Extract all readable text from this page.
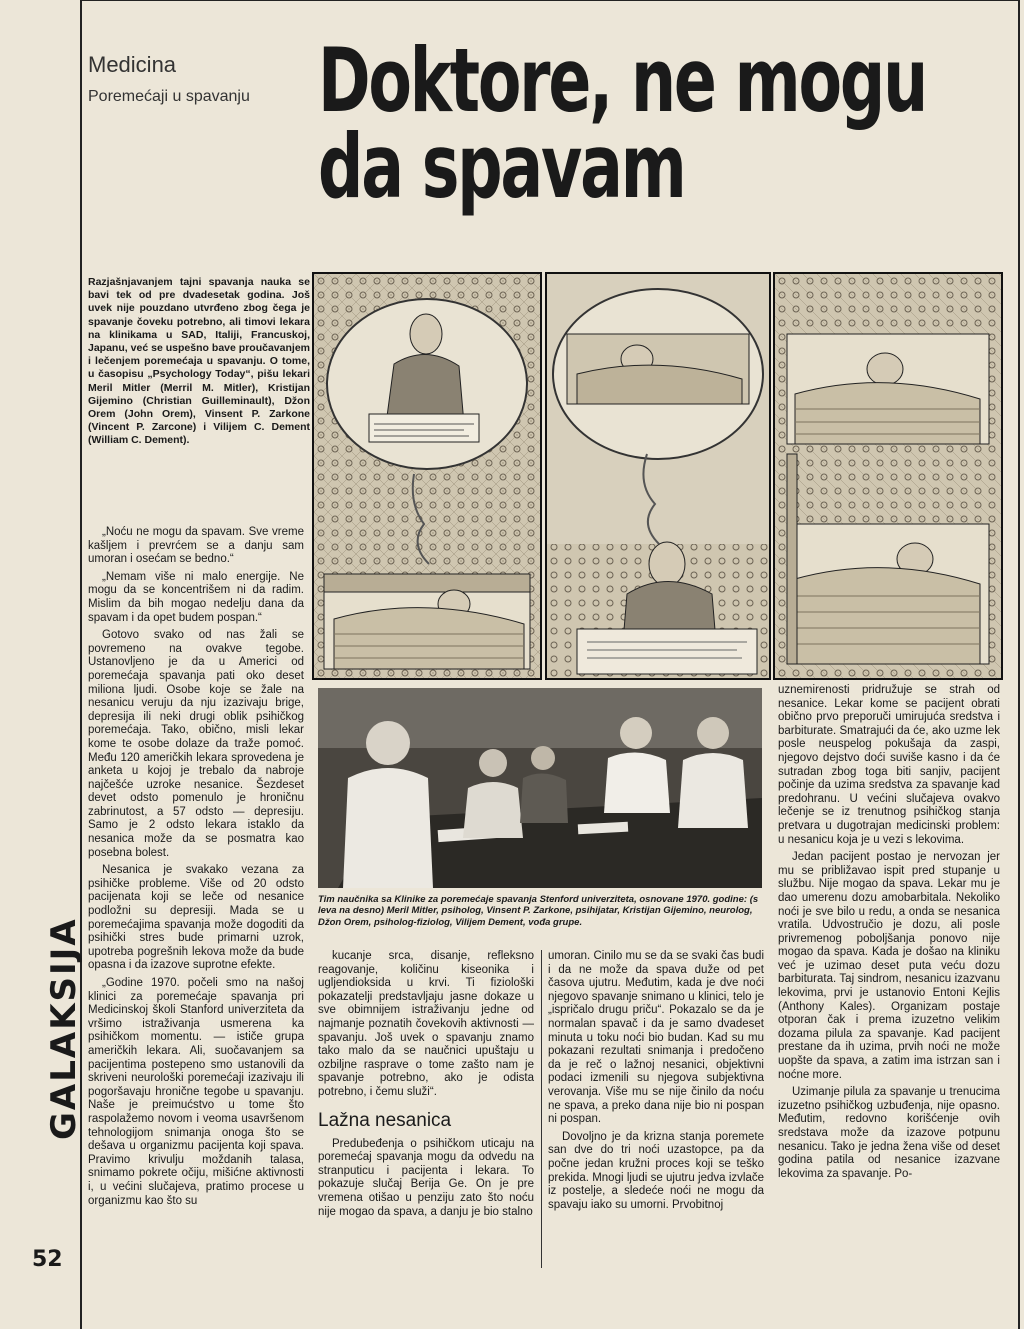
GALAKSIJA
52
Medicina
Poremećaji u spavanju Doktore, ne mogu
da spavam
Razjašnjavanjem tajni spavanja nauka se bavi tek od pre dvadesetak godina. Još uvek nije pouzdano utvrđeno zbog čega je spavanje čoveku potrebno, ali timovi lekara na klinikama u SAD, Italiji, Francuskoj, Japanu, već se uspešno bave proučavanjem i lečenjem poremećaja u spavanju. O tome, u časopisu „Psychology Today“, pišu lekari Meril Mitler (Merril M. Mitler), Kristijan Gijemino (Christian Guilleminault), Džon Orem (John Orem), Vinsent P. Zarkone (Vincent P. Zarcone) i Vilijem C. Dement (William C. Dement).
Tim naučnika sa Klinike za poremećaje spavanja Stenford univerziteta, osnovane 1970. godine: (s leva na desno) Meril Mitler, psiholog, Vinsent P. Zarkone, psihijatar, Kristijan Gijemino, neurolog, Džon Orem, psiholog-fiziolog, Vilijem Dement, vođa grupe.

„Noću ne mogu da spavam. Sve vreme kašljem i prevrćem se a danju sam umoran i osećam se bedno.“

„Nemam više ni malo energije. Ne mogu da se koncentrišem ni da radim. Mislim da bih mogao nedelju dana da spavam i da opet budem pospan.“

Gotovo svako od nas žali se povremeno na ovakve tegobe. Ustanovljeno je da u Americi od poremećaja spavanja pati oko deset miliona ljudi. Osobe koje se žale na nesanicu veruju da nju izazivaju brige, depresija ili neki drugi oblik psihičkog poremećaja. Tako, obično, misli lekar kome te osobe dolaze da traže pomoć. Među 120 američkih lekara sprovedena je anketa u kojoj je trebalo da nabroje najčešće uzroke nesanice. Šezdeset devet odsto pomenulo je hroničnu zabrinutost, a 57 odsto — depresiju. Samo je 2 odsto lekara istaklo da nesanica može da se posmatra kao posebna bolest.

Nesanica je svakako vezana za psihičke probleme. Više od 20 odsto pacijenata koji se leče od nesanice podložni su depresiji. Mada se u poremećajima spavanja može dogoditi da psihički stres bude primarni uzrok, upotreba pogrešnih lekova može da bude opasna i da izazove suprotne efekte.

„Godine 1970. počeli smo na našoj klinici za poremećaje spavanja pri Medicinskoj školi Stanford univerziteta da vršimo istraživanja usmerena ka psihičkom momentu. — ističe grupa američkih lekara. Ali, suočavanjem sa pacijentima postepeno smo ustanovili da skriveni neurološki poremećaji izazivaju ili pogoršavaju hronične tegobe u spavanju. Naše je preimućstvo u tome što raspolažemo novom i veoma usavršenom tehnologijom snimanja onoga što se dešava u organizmu pacijenta koji spava. Pravimo krivulju moždanih talasa, snimamo pokrete očiju, mišićne aktivnosti i, u većini slučajeva, pratimo procese u organizmu kao što su

kucanje srca, disanje, refleksno reagovanje, količinu kiseonika i uglјendioksida u krvi. Ti fiziološki pokazatelji predstavljaju jasne dokaze u sve obimnijem istraživanju jedne od najmanje poznatih čovekovih aktivnosti — spavanju. Još uvek o spavanju znamo tako malo da se naučnici upuštaju u ozbiljne rasprave o tome zašto nam je spavanje potrebno, ako je odista potrebno, i čemu služi“.

Lažna nesanica

Predubeđenja o psihičkom uticaju na poremećaj spavanja mogu da odvedu na stranputicu i pacijenta i lekara. To pokazuje slučaj Berija Ge. On je pre vremena otišao u penziju zato što noću nije mogao da spava, a danju je bio stalno

umoran. Činilo mu se da se svaki čas budi i da ne može da spava duže od pet časova ujutru. Međutim, kada je dve noći njegovo spavanje snimano u klinici, telo je „ispričalo drugu priču“. Pokazalo se da je normalan spavač i da je samo dvadeset minuta u toku noći bio budan. Kad su mu pokazani rezultati snimanja i predočeno da je reč o lažnoj nesanici, objektivni podaci izmenili su njegova subjektivna verovanja. Više mu se nije činilo da noću ne spava, a preko dana nije bio ni pospan ni pospan.

Dovoljno je da krizna stanja poremete san dve do tri noći uzastopce, pa da počne jedan kružni proces koji se teško prekida. Mnogi ljudi se ujutru jedva izvlače iz postelje, a sledeće noći ne mogu da spavaju iako su umorni. Prvobitnoj

uznemirenosti pridružuje se strah od nesanice. Lekar kome se pacijent obrati obično prvo preporuči umirujuća sredstva i barbiturate. Smatrajući da će, ako uzme lek posle neuspelog pokušaja da zaspi, njegovo dejstvo doći suviše kasno i da će sutradan zbog toga biti sanjiv, pacijent počinje da uzima sredstva za spavanje kad predohranu. U većini slučajeva ovakvo lečenje se iz trenutnog psihičkog stanja pretvara u dugotrajan medicinski problem: u nesanicu koja je u vezi s lekovima.

Jedan pacijent postao je nervozan jer mu se približavao ispit pred stupanje u službu. Nije mogao da spava. Lekar mu je dao umerenu dozu amobarbitala. Nekoliko noći je sve bilo u redu, a onda se nesanica vratila. Udvostručio je dozu, ali posle privremenog poboljšanja ponovo nije mogao da spava. Kada je došao na kliniku već je uzimao deset puta veću dozu barbiturata. Taj sindrom, nesanicu izazvanu lekovima, prvi je ustanovio Entoni Kejlis (Anthony Kales). Organizam postaje otporan čak i prema izuzetno velikim dozama pilula za spavanje. Kad pacijent prestane da ih uzima, prvih noći ne može uopšte da spava, a zatim ima istrzan san i noćne more.

Uzimanje pilula za spavanje u trenucima izuzetno psihičkog uzbuđenja, nije opasno. Međutim, redovno korišćenje ovih sredstava može da izazove potpunu nesanicu. Tako je jedna žena više od deset godina patila od nesanice izazvane lekovima za spavanje. Po-
